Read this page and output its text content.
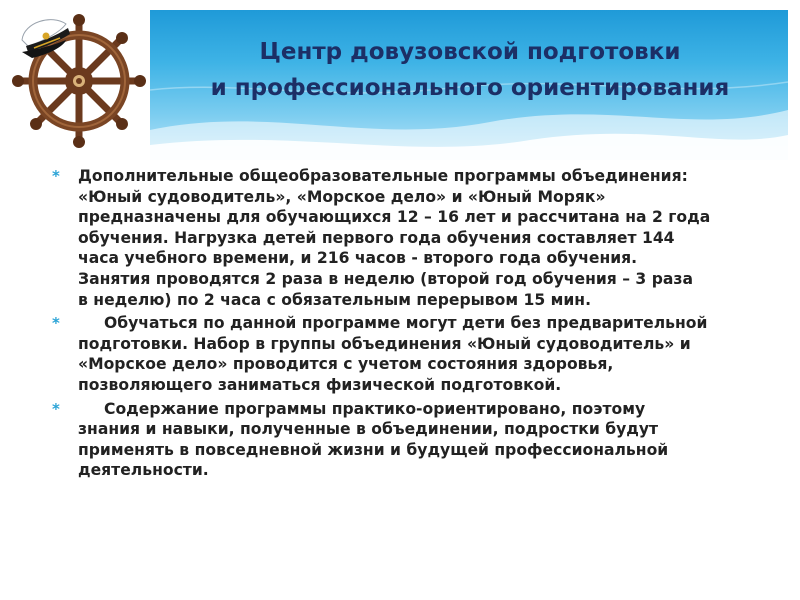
Центр довузовской подготовки
и профессионального ориентирования
* Дополнительные общеобразовательные программы объединения:
«Юный судоводитель», «Морское дело» и «Юный Моряк»
предназначены для обучающихся 12 – 16 лет и рассчитана на 2 года
обучения. Нагрузка детей первого года обучения составляет 144
часа учебного времени, и 216 часов - второго года обучения.
Занятия проводятся 2 раза в неделю (второй год обучения – 3 раза
в неделю) по 2 часа с обязательным перерывом 15 мин.
*	Обучаться по данной программе могут дети без предварительной
подготовки. Набор в группы объединения «Юный судоводитель» и
«Морское дело» проводится с учетом состояния здоровья,
позволяющего заниматься физической подготовкой.
*	Содержание программы практико-ориентировано, поэтому
знания и навыки, полученные в объединении, подростки будут
применять в повседневной жизни и будущей профессиональной
деятельности.
